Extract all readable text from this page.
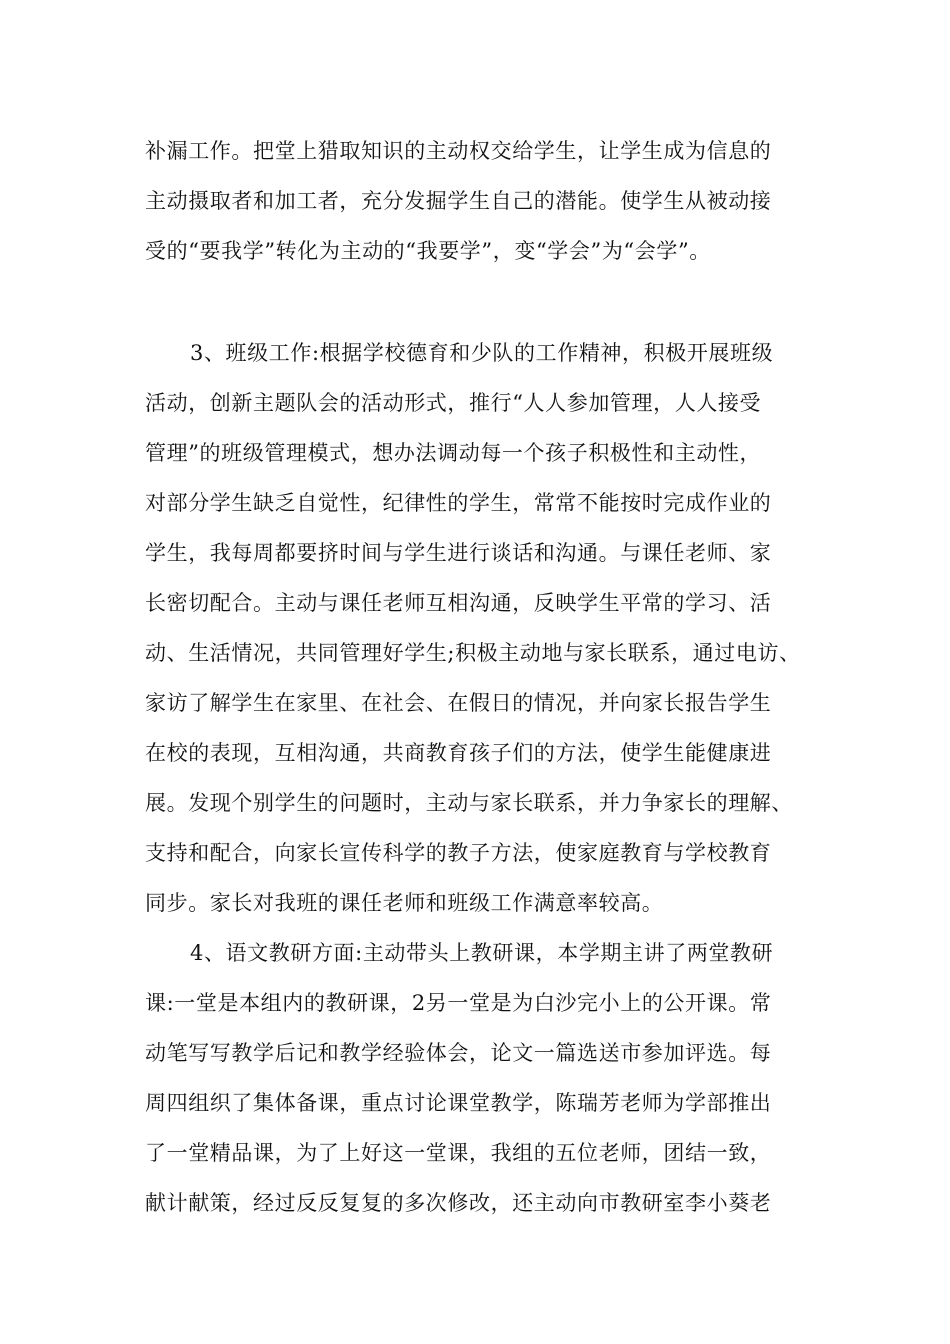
补漏工作。把堂上猎取知识的主动权交给学生，让学生成为信息的
主动摄取者和加工者，充分发掘学生自己的潜能。使学生从被动接
受的“要我学”转化为主动的“我要学”，变“学会”为“会学”。
3、班级工作:根据学校德育和少队的工作精神，积极开展班级
活动，创新主题队会的活动形式，推行“人人参加管理，人人接受
管理”的班级管理模式，想办法调动每一个孩子积极性和主动性，
对部分学生缺乏自觉性，纪律性的学生，常常不能按时完成作业的
学生，我每周都要挤时间与学生进行谈话和沟通。与课任老师、家
长密切配合。主动与课任老师互相沟通，反映学生平常的学习、活
动、生活情况，共同管理好学生;积极主动地与家长联系，通过电访、
家访了解学生在家里、在社会、在假日的情况，并向家长报告学生
在校的表现，互相沟通，共商教育孩子们的方法，使学生能健康进
展。发现个别学生的问题时，主动与家长联系，并力争家长的理解、
支持和配合，向家长宣传科学的教子方法，使家庭教育与学校教育
同步。家长对我班的课任老师和班级工作满意率较高。
4、语文教研方面:主动带头上教研课，本学期主讲了两堂教研
课:一堂是本组内的教研课，2另一堂是为白沙完小上的公开课。常
动笔写写教学后记和教学经验体会，论文一篇选送市参加评选。每
周四组织了集体备课，重点讨论课堂教学，陈瑞芳老师为学部推出
了一堂精品课，为了上好这一堂课，我组的五位老师，团结一致，
献计献策，经过反反复复的多次修改，还主动向市教研室李小葵老
